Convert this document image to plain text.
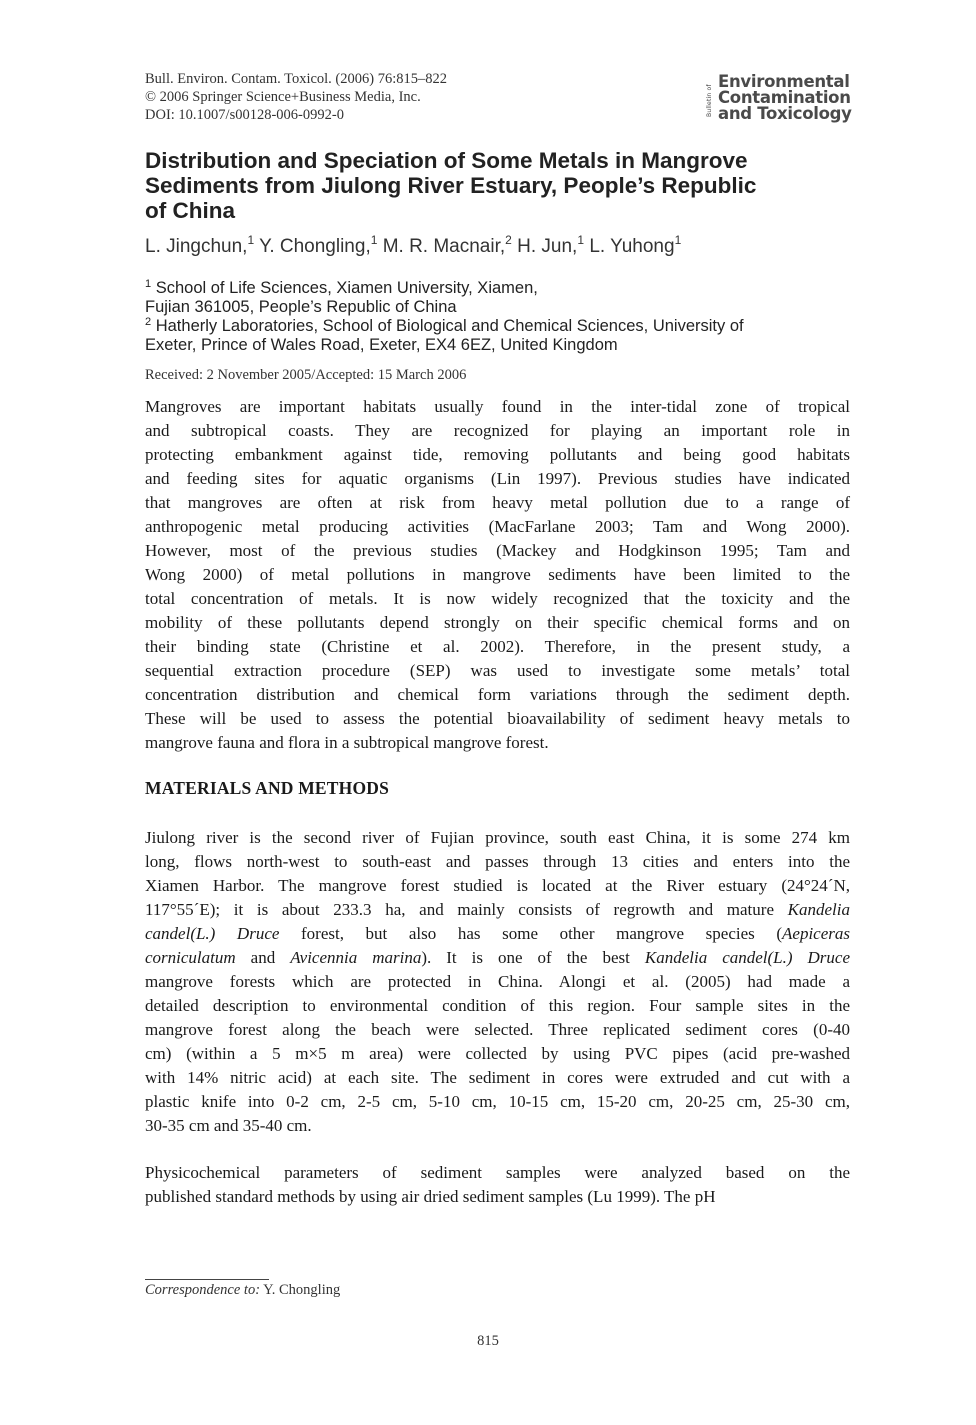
Bull. Environ. Contam. Toxicol. (2006) 76:815–822
© 2006 Springer Science+Business Media, Inc.
DOI: 10.1007/s00128-006-0992-0	Bulletin of
Environmental
Contamination
and Toxicology
Distribution and Speciation of Some Metals in Mangrove
Sediments from Jiulong River Estuary, People’s Republic
of China
L. Jingchun,$^1$ Y. Chongling,$^1$ M. R. Macnair,$^2$ H. Jun,$^1$ L. Yuhong$^1$
$^1$ School of Life Sciences, Xiamen University, Xiamen,
Fujian 361005, People’s Republic of China
$^2$ Hatherly Laboratories, School of Biological and Chemical Sciences, University of
Exeter, Prince of Wales Road, Exeter, EX4 6EZ, United Kingdom
Received: 2 November 2005/Accepted: 15 March 2006
Mangroves are important habitats usually found in the inter-tidal zone of tropical
and subtropical coasts. They are recognized for playing an important role in
protecting embankment against tide, removing pollutants and being good habitats
and feeding sites for aquatic organisms (Lin 1997). Previous studies have indicated
that mangroves are often at risk from heavy metal pollution due to a range of
anthropogenic metal producing activities (MacFarlane 2003; Tam and Wong 2000).
However, most of the previous studies (Mackey and Hodgkinson 1995; Tam and
Wong 2000) of metal pollutions in mangrove sediments have been limited to the
total concentration of metals. It is now widely recognized that the toxicity and the
mobility of these pollutants depend strongly on their specific chemical forms and on
their binding state (Christine et al. 2002). Therefore, in the present study, a
sequential extraction procedure (SEP) was used to investigate some metals’ total
concentration distribution and chemical form variations through the sediment depth.
These will be used to assess the potential bioavailability of sediment heavy metals to
mangrove fauna and flora in a subtropical mangrove forest.
MATERIALS AND METHODS
Jiulong river is the second river of Fujian province, south east China, it is some 274 km
long, flows north-west to south-east and passes through 13 cities and enters into the
Xiamen Harbor. The mangrove forest studied is located at the River estuary (24°24´N,
117°55´E); it is about 233.3 ha, and mainly consists of regrowth and mature Kandelia
candel(L.) Druce forest, but also has some other mangrove species (Aepiceras
corniculatum and Avicennia marina). It is one of the best Kandelia candel(L.) Druce
mangrove forests which are protected in China. Alongi et al. (2005) had made a
detailed description to environmental condition of this region. Four sample sites in the
mangrove forest along the beach were selected. Three replicated sediment cores (0-40
cm) (within a 5 m×5 m area) were collected by using PVC pipes (acid pre-washed
with 14% nitric acid) at each site. The sediment in cores were extruded and cut with a
plastic knife into 0-2 cm, 2-5 cm, 5-10 cm, 10-15 cm, 15-20 cm, 20-25 cm, 25-30 cm,
30-35 cm and 35-40 cm.
Physicochemical parameters of sediment samples were analyzed based on the
published standard methods by using air dried sediment samples (Lu 1999). The pH
Correspondence to: Y. Chongling
815
